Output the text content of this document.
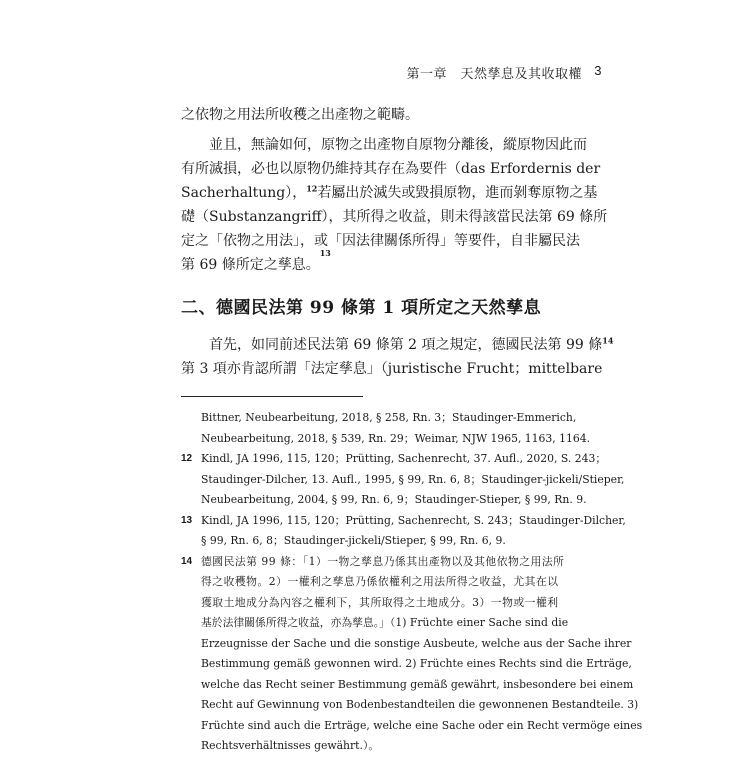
第一章　天然孳息及其收取權 3
之依物之用法所收穫之出產物之範疇。
並且，無論如何，原物之出產物自原物分離後，縱原物因此而
有所滅損，必也以原物仍維持其存在為要件（das Erfordernis der
Sacherhaltung），$^{12}$若屬出於滅失或毀損原物，進而剝奪原物之基
礎（Substanzangriff），其所得之收益，則未得該當民法第 69 條所
定之「依物之用法」，或「因法律關係所得」等要件，自非屬民法
第 69 條所定之孳息。
13
二、德國民法第 99 條第 1 項所定之天然孳息
首先，如同前述民法第 69 條第 2 項之規定，德國民法第 99 條$^{14}$
第 3 項亦肯認所謂「法定孳息」（juristische Frucht；mittelbare
Bittner, Neubearbeitung, 2018, § 258, Rn. 3；Staudinger-Emmerich,
Neubearbeitung, 2018, § 539, Rn. 29；Weimar, NJW 1965, 1163, 1164.
12 Kindl, JA 1996, 115, 120；Prütting, Sachenrecht, 37. Aufl., 2020, S. 243；
Staudinger-Dilcher, 13. Aufl., 1995, § 99, Rn. 6, 8；Staudinger-jickeli/Stieper,
Neubearbeitung, 2004, § 99, Rn. 6, 9；Staudinger-Stieper, § 99, Rn. 9.
13 Kindl, JA 1996, 115, 120；Prütting, Sachenrecht, S. 243；Staudinger-Dilcher,
§ 99, Rn. 6, 8；Staudinger-jickeli/Stieper, § 99, Rn. 6, 9.
14 德國民法第 99 條：「1）一物之孳息乃係其出產物以及其他依物之用法所
得之收穫物。2）一權利之孳息乃係依權利之用法所得之收益，尤其在以
獲取土地成分為內容之權利下，其所取得之土地成分。3）一物或一權利
基於法律關係所得之收益，亦為孳息。」（1) Früchte einer Sache sind die
Erzeugnisse der Sache und die sonstige Ausbeute, welche aus der Sache ihrer
Bestimmung gemäß gewonnen wird. 2) Früchte eines Rechts sind die Erträge,
welche das Recht seiner Bestimmung gemäß gewährt, insbesondere bei einem
Recht auf Gewinnung von Bodenbestandteilen die gewonnenen Bestandteile. 3)
Früchte sind auch die Erträge, welche eine Sache oder ein Recht vermöge eines
Rechtsverhältnisses gewährt.）。
